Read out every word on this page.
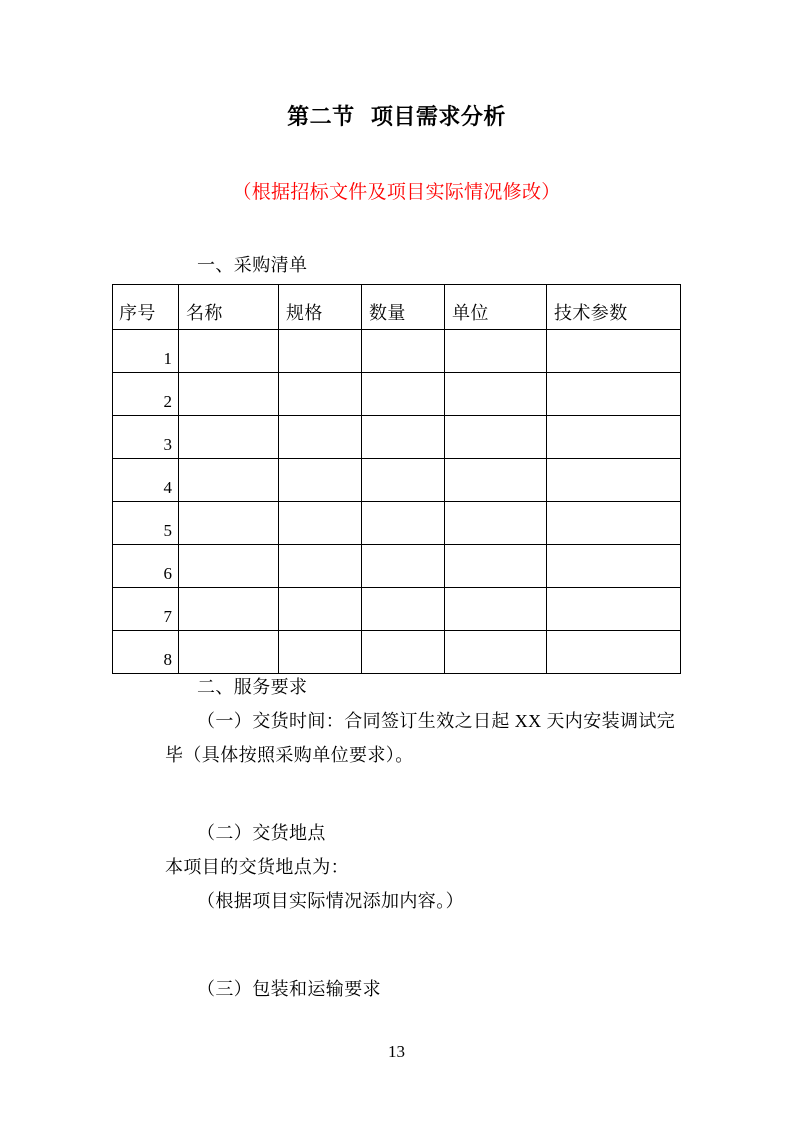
第二节  项目需求分析
（根据招标文件及项目实际情况修改）
一、采购清单
序号	名称	规格	数量	单位	技术参数
1					
2					
3					
4					
5					
6					
7					
8					

二、服务要求

（一）交货时间：合同签订生效之日起 XX 天内安装调试完毕（具体按照采购单位要求）。

（二）交货地点

本项目的交货地点为：

（根据项目实际情况添加内容。）

（三）包装和运输要求

13
